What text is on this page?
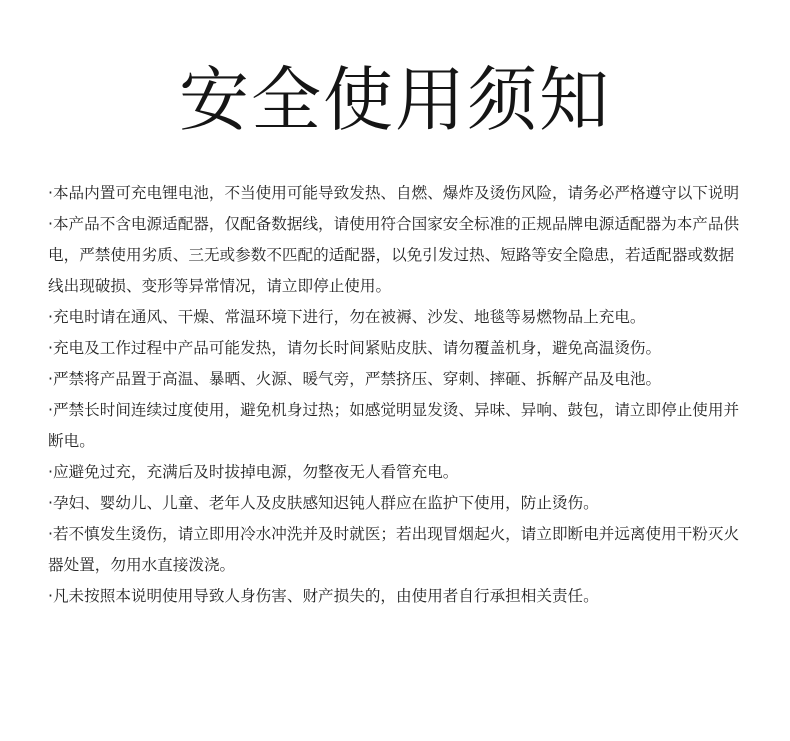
安全使用须知
·本品内置可充电锂电池，不当使用可能导致发热、自燃、爆炸及烫伤风险，请务必严格遵守以下说明
·本产品不含电源适配器，仅配备数据线，请使用符合国家安全标准的正规品牌电源适配器为本产品供
电，严禁使用劣质、三无或参数不匹配的适配器，以免引发过热、短路等安全隐患，若适配器或数据
线出现破损、变形等异常情况，请立即停止使用。
·充电时请在通风、干燥、常温环境下进行，勿在被褥、沙发、地毯等易燃物品上充电。
·充电及工作过程中产品可能发热，请勿长时间紧贴皮肤、请勿覆盖机身，避免高温烫伤。
·严禁将产品置于高温、暴晒、火源、暖气旁，严禁挤压、穿刺、摔砸、拆解产品及电池。
·严禁长时间连续过度使用，避免机身过热；如感觉明显发烫、异味、异响、鼓包，请立即停止使用并
断电。
·应避免过充，充满后及时拔掉电源，勿整夜无人看管充电。
·孕妇、婴幼儿、儿童、老年人及皮肤感知迟钝人群应在监护下使用，防止烫伤。
·若不慎发生烫伤，请立即用冷水冲洗并及时就医；若出现冒烟起火，请立即断电并远离使用干粉灭火
器处置，勿用水直接泼浇。
·凡未按照本说明使用导致人身伤害、财产损失的，由使用者自行承担相关责任。
